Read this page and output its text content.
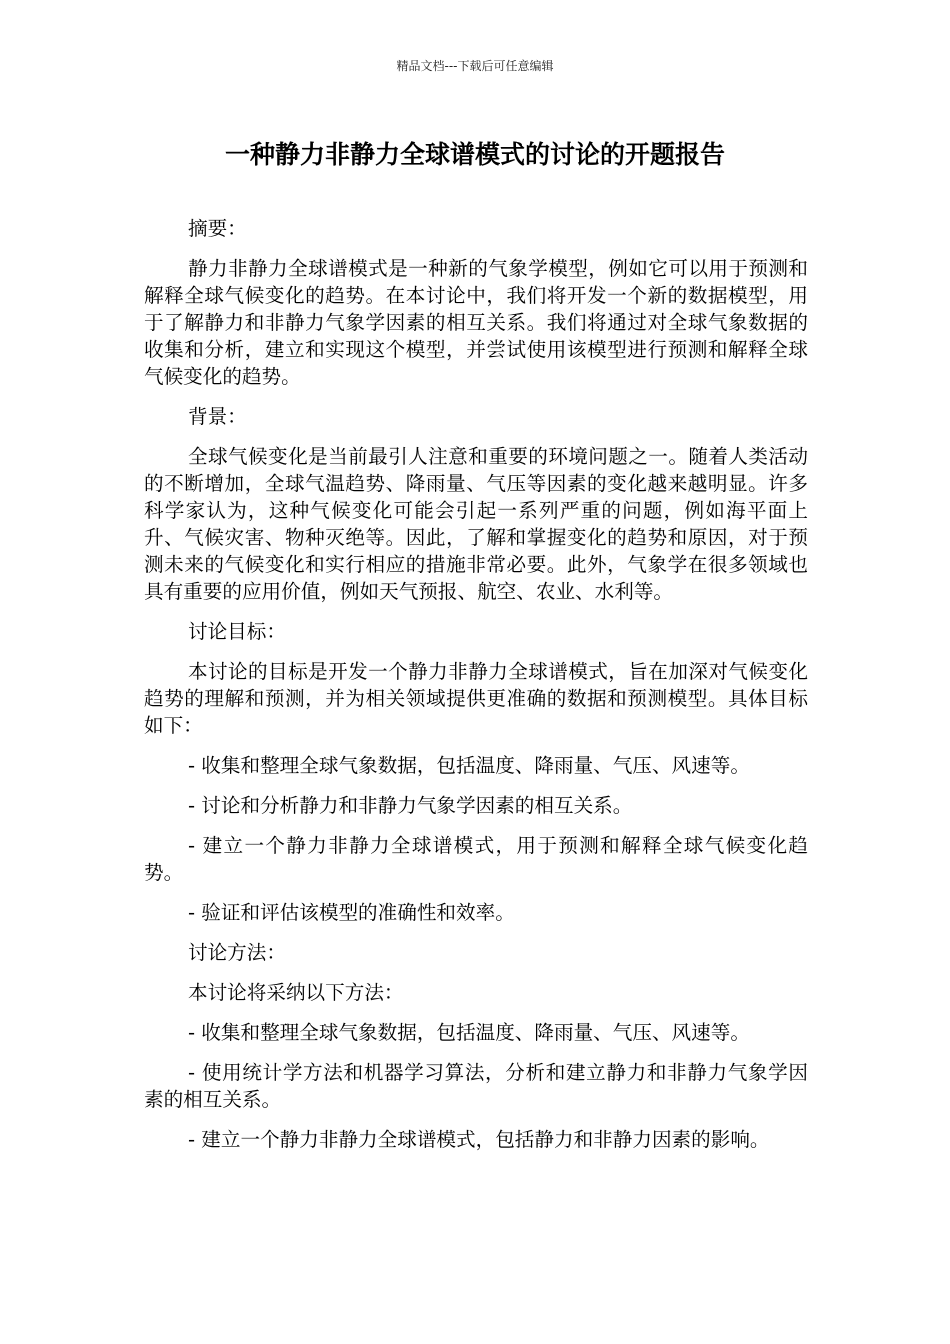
精品文档---下载后可任意编辑
一种静力非静力全球谱模式的讨论的开题报告

摘要：

静力非静力全球谱模式是一种新的气象学模型，例如它可以用于预测和解释全球气候变化的趋势。在本讨论中，我们将开发一个新的数据模型，用于了解静力和非静力气象学因素的相互关系。我们将通过对全球气象数据的收集和分析，建立和实现这个模型，并尝试使用该模型进行预测和解释全球气候变化的趋势。

背景：

全球气候变化是当前最引人注意和重要的环境问题之一。随着人类活动的不断增加，全球气温趋势、降雨量、气压等因素的变化越来越明显。许多科学家认为，这种气候变化可能会引起一系列严重的问题，例如海平面上升、气候灾害、物种灭绝等。因此，了解和掌握变化的趋势和原因，对于预测未来的气候变化和实行相应的措施非常必要。此外，气象学在很多领域也具有重要的应用价值，例如天气预报、航空、农业、水利等。

讨论目标：

本讨论的目标是开发一个静力非静力全球谱模式，旨在加深对气候变化趋势的理解和预测，并为相关领域提供更准确的数据和预测模型。具体目标如下：

- 收集和整理全球气象数据，包括温度、降雨量、气压、风速等。

- 讨论和分析静力和非静力气象学因素的相互关系。

- 建立一个静力非静力全球谱模式，用于预测和解释全球气候变化趋势。

- 验证和评估该模型的准确性和效率。

讨论方法：

本讨论将采纳以下方法：

- 收集和整理全球气象数据，包括温度、降雨量、气压、风速等。

- 使用统计学方法和机器学习算法，分析和建立静力和非静力气象学因素的相互关系。

- 建立一个静力非静力全球谱模式，包括静力和非静力因素的影响。
